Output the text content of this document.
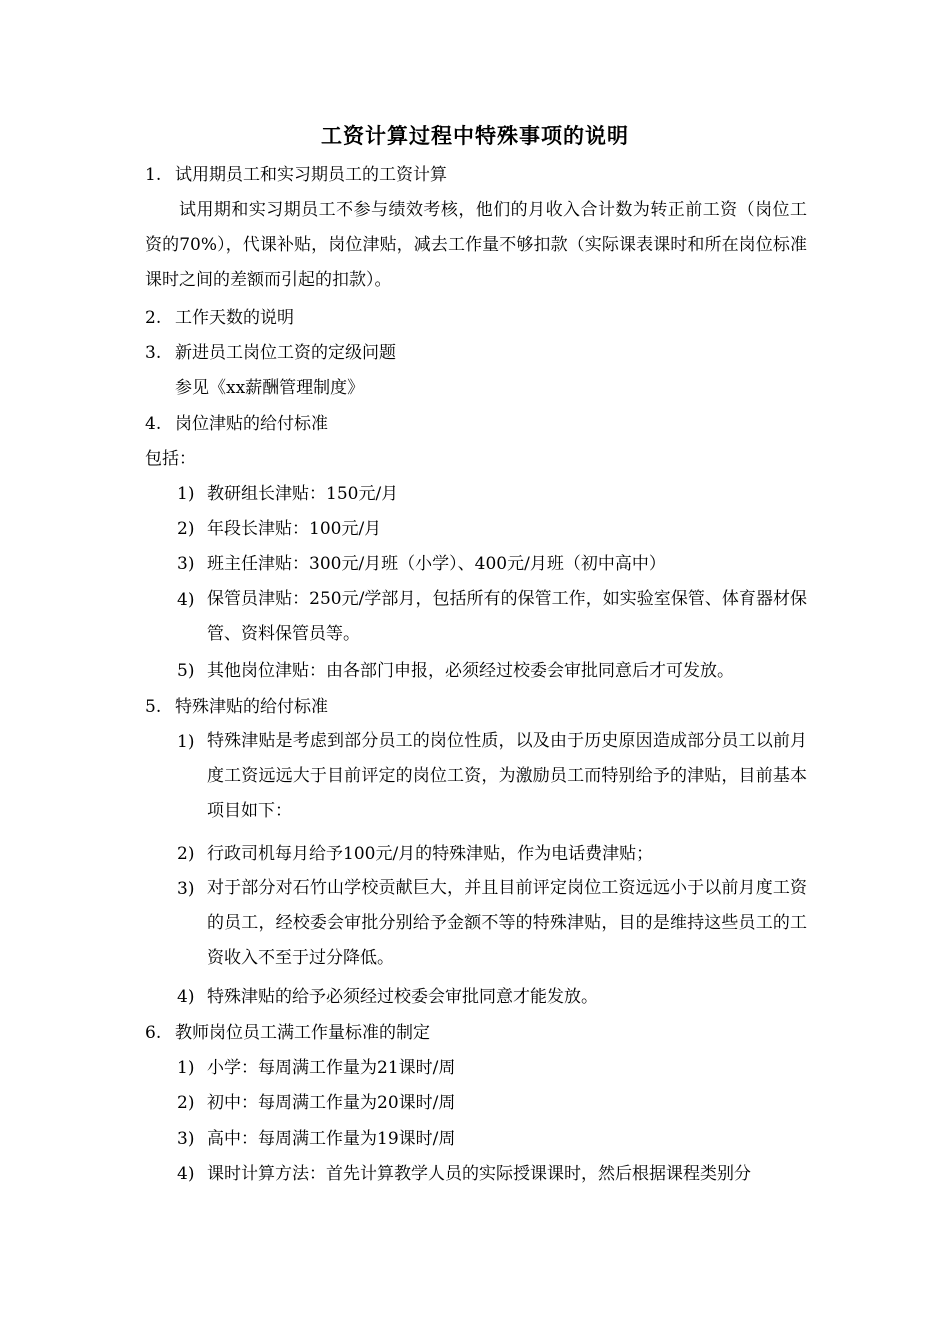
工资计算过程中特殊事项的说明
1. 试用期员工和实习期员工的工资计算
试用期和实习期员工不参与绩效考核，他们的月收入合计数为转正前工资（岗位工资的70%），代课补贴，岗位津贴，减去工作量不够扣款（实际课表课时和所在岗位标准课时之间的差额而引起的扣款）。
2. 工作天数的说明
3. 新进员工岗位工资的定级问题
参见《xx薪酬管理制度》
4. 岗位津贴的给付标准
包括：
1) 教研组长津贴：150元/月
2) 年段长津贴：100元/月
3) 班主任津贴：300元/月班（小学）、400元/月班（初中高中）
4) 保管员津贴：250元/学部月，包括所有的保管工作，如实验室保管、体育器材保管、资料保管员等。
5) 其他岗位津贴：由各部门申报，必须经过校委会审批同意后才可发放。
5. 特殊津贴的给付标准
1) 特殊津贴是考虑到部分员工的岗位性质，以及由于历史原因造成部分员工以前月度工资远远大于目前评定的岗位工资，为激励员工而特别给予的津贴，目前基本项目如下：
2) 行政司机每月给予100元/月的特殊津贴，作为电话费津贴；
3) 对于部分对石竹山学校贡献巨大，并且目前评定岗位工资远远小于以前月度工资的员工，经校委会审批分别给予金额不等的特殊津贴，目的是维持这些员工的工资收入不至于过分降低。
4) 特殊津贴的给予必须经过校委会审批同意才能发放。
6. 教师岗位员工满工作量标准的制定
1) 小学：每周满工作量为21课时/周
2) 初中：每周满工作量为20课时/周
3) 高中：每周满工作量为19课时/周
4) 课时计算方法：首先计算教学人员的实际授课课时，然后根据课程类别分
